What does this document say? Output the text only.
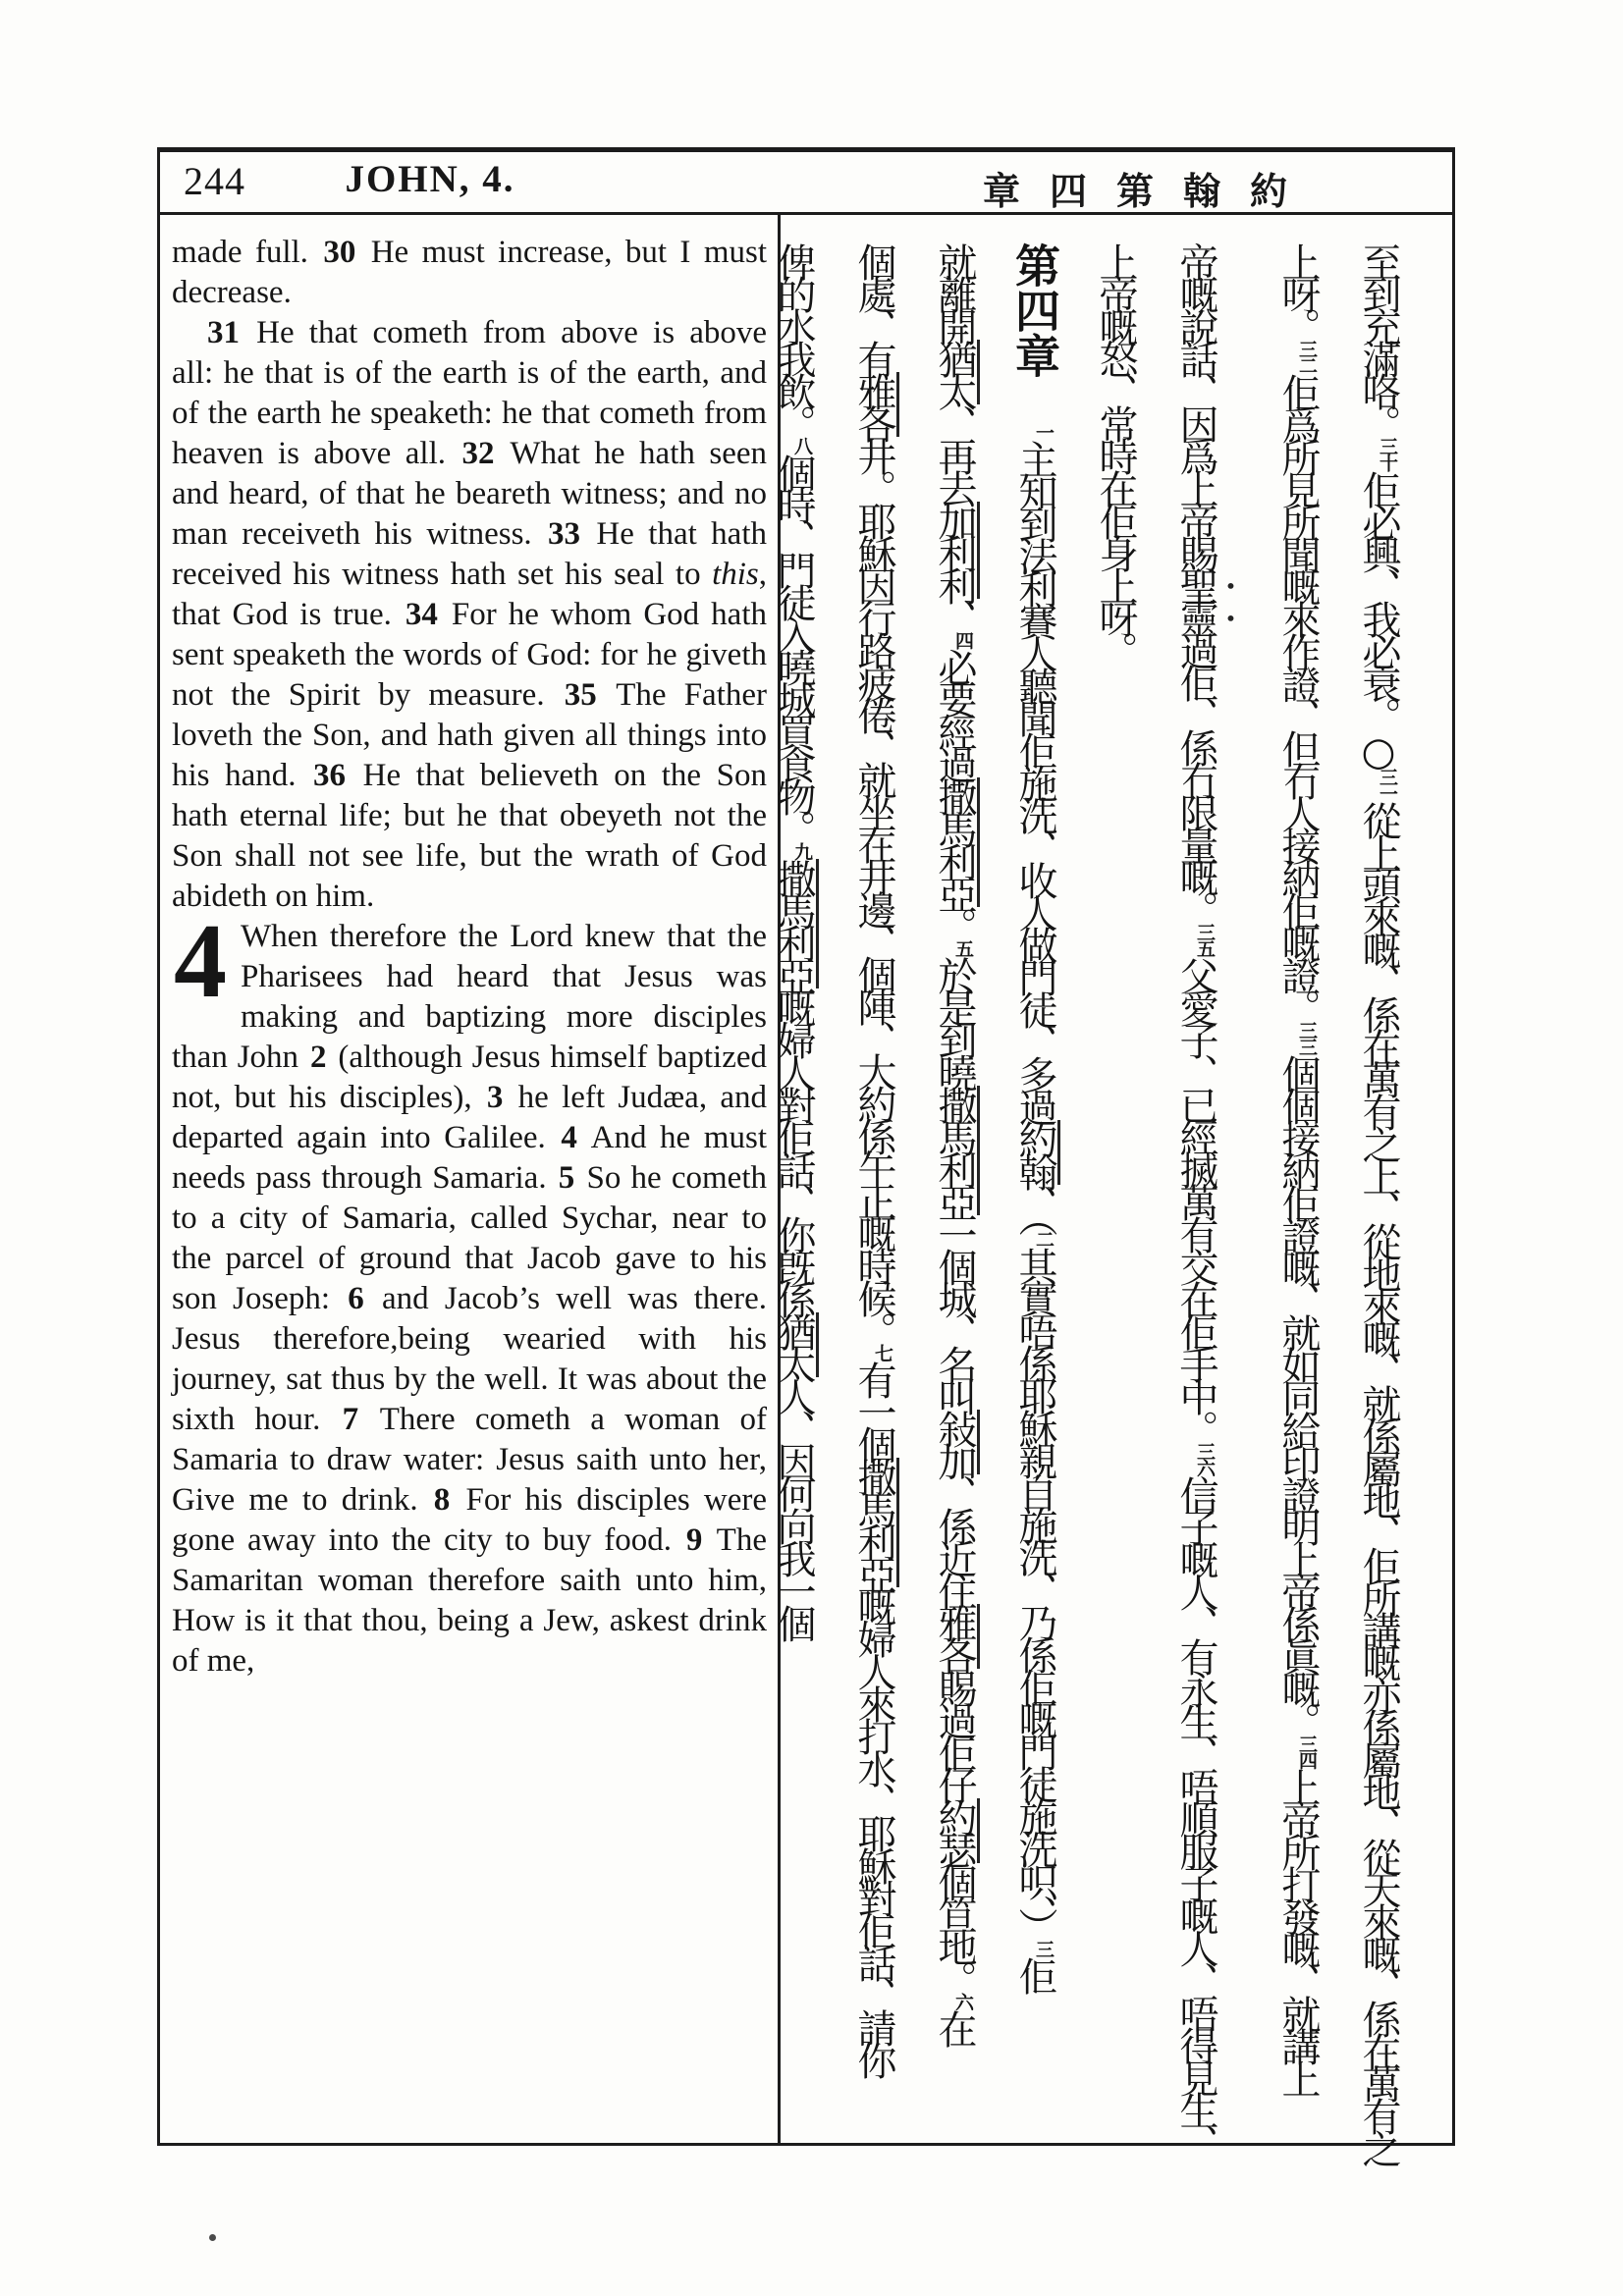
244	JOHN, 4.	章四第翰約

made full. 30 He must increase, but I must decrease.

31 He that cometh from above is above all: he that is of the earth is of the earth, and of the earth he speaketh: he that cometh from heaven is above all. 32 What he hath seen and heard, of that he beareth witness; and no man receiveth his witness. 33 He that hath received his witness hath set his seal to this, that God is true. 34 For he whom God hath sent speaketh the words of God: for he giveth not the Spirit by measure. 35 The Father loveth the Son, and hath given all things into his hand. 36 He that believeth on the Son hath eternal life; but he that obeyeth not the Son shall not see life, but the wrath of God abideth on him.

4 When therefore the Lord knew that the Pharisees had heard that Jesus was making and baptizing more disciples than John 2 (although Jesus himself baptized not, but his disciples), 3 he left Judæa, and departed again into Galilee. 4 And he must needs pass through Samaria. 5 So he cometh to a city of Samaria, called Sychar, near to the parcel of ground that Jacob gave to his son Joseph: 6 and Jacob’s well was there. Jesus therefore,being wearied with his journey, sat thus by the well. It was about the sixth hour. 7 There cometh a woman of Samaria to draw water: Jesus saith unto her, Give me to drink. 8 For his disciples were gone away into the city to buy food. 9 The Samaritan woman therefore saith unto him, How is it that thou, being a Jew, askest drink of me,

至到充滿咯。三十佢必興、我必衰。○三一從上頭來嘅、係在萬有之上、從地來嘅、就係屬地、佢所講嘅亦係屬地、從天來嘅、係在萬有之
上呀。三二佢爲所見所聞嘅來作證、但冇人接納佢嘅證。三三個個接納佢證嘅、就如同給印證明上帝係眞嘅。三四上帝所打發嘅、就講上
帝嘅說話、因爲上帝賜聖靈過佢、係冇限量嘅。三五父愛子、已經搣萬有交在佢手中。三六信子嘅人、有永生、唔順服子嘅人、唔得見生、
上帝嘅怒、常時在佢身上呀。
第四章一主知到法利賽人聽聞佢施洗、收人做門徒、多過約翰、（二其實唔係耶穌親自施洗、乃係佢嘅門徒施洗呮、）三佢
就離開猶太、再去加利利、四必要經過撒馬利亞。五於是到曉撒馬利亞一個城、名叫敍加、係近住雅各賜過佢仔約瑟個笪地。六在
個處、有雅各井。耶穌因行路疲倦、就坐在井邊、個陣、大約係午正嘅時候。七有一個撒馬利亞嘅婦人來打水、耶穌對佢話、請你
俾的水我飲。八個時、門徒入曉城買食物。九撒馬利亞嘅婦人對佢話、你旣係猶太人、因何向我一個
